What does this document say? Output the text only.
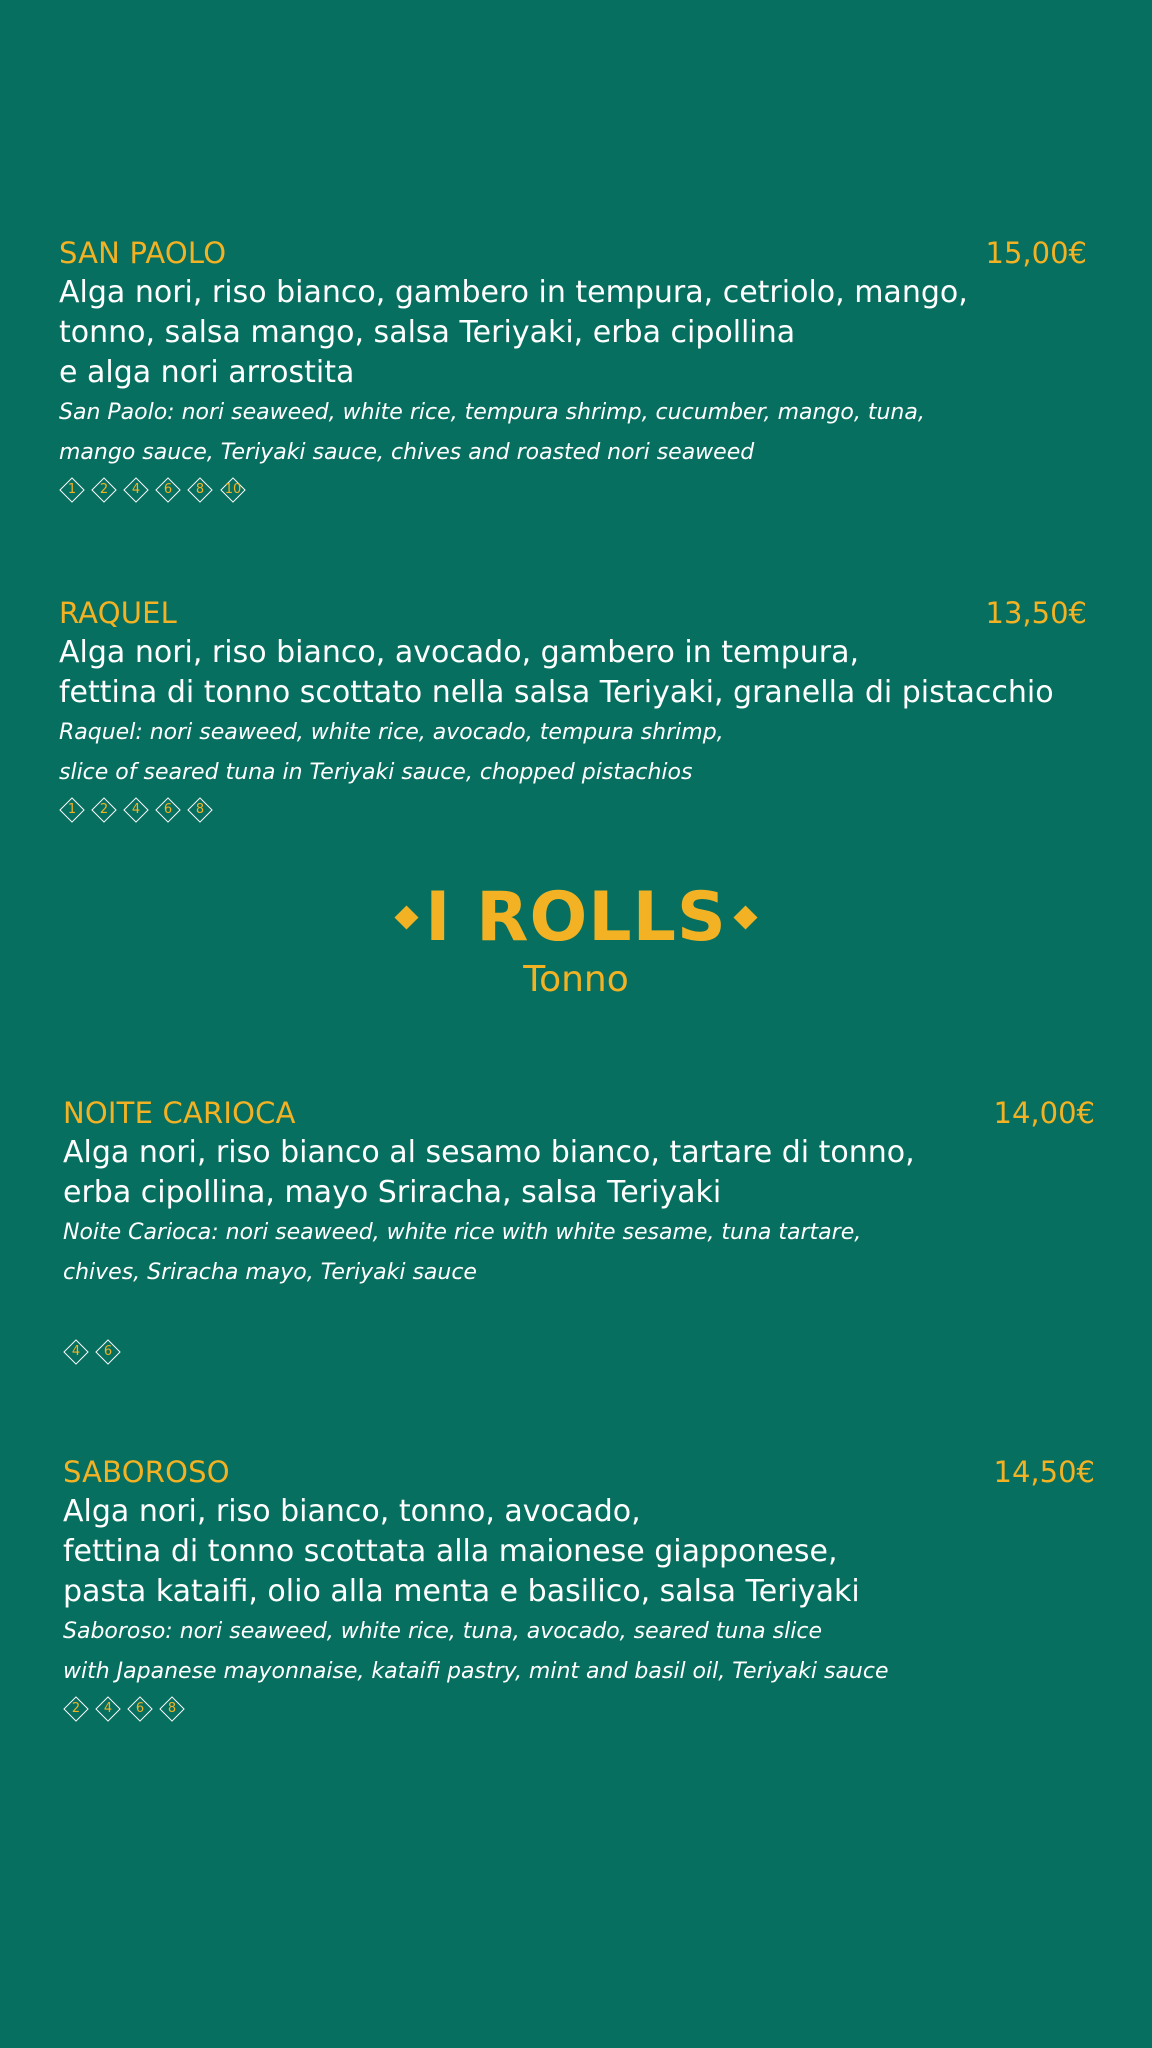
SAN PAOLO	15,00€
Alga nori, riso bianco, gambero in tempura, cetriolo, mango,
tonno, salsa mango, salsa Teriyaki, erba cipollina
e alga nori arrostita
San Paolo: nori seaweed, white rice, tempura shrimp, cucumber, mango, tuna,
mango sauce, Teriyaki sauce, chives and roasted nori seaweed
1	2	4	6	8	10
RAQUEL	13,50€
Alga nori, riso bianco, avocado, gambero in tempura,
fettina di tonno scottato nella salsa Teriyaki, granella di pistacchio
Raquel: nori seaweed, white rice, avocado, tempura shrimp,
slice of seared tuna in Teriyaki sauce, chopped pistachios
1	2	4	6	8
I ROLLS
Tonno
NOITE CARIOCA	14,00€
Alga nori, riso bianco al sesamo bianco, tartare di tonno,
erba cipollina, mayo Sriracha, salsa Teriyaki
Noite Carioca: nori seaweed, white rice with white sesame, tuna tartare,
chives, Sriracha mayo, Teriyaki sauce
4	6
SABOROSO	14,50€
Alga nori, riso bianco, tonno, avocado,
fettina di tonno scottata alla maionese giapponese,
pasta kataifi, olio alla menta e basilico, salsa Teriyaki
Saboroso: nori seaweed, white rice, tuna, avocado, seared tuna slice
with Japanese mayonnaise, kataifi pastry, mint and basil oil, Teriyaki sauce
2	4	6	8
